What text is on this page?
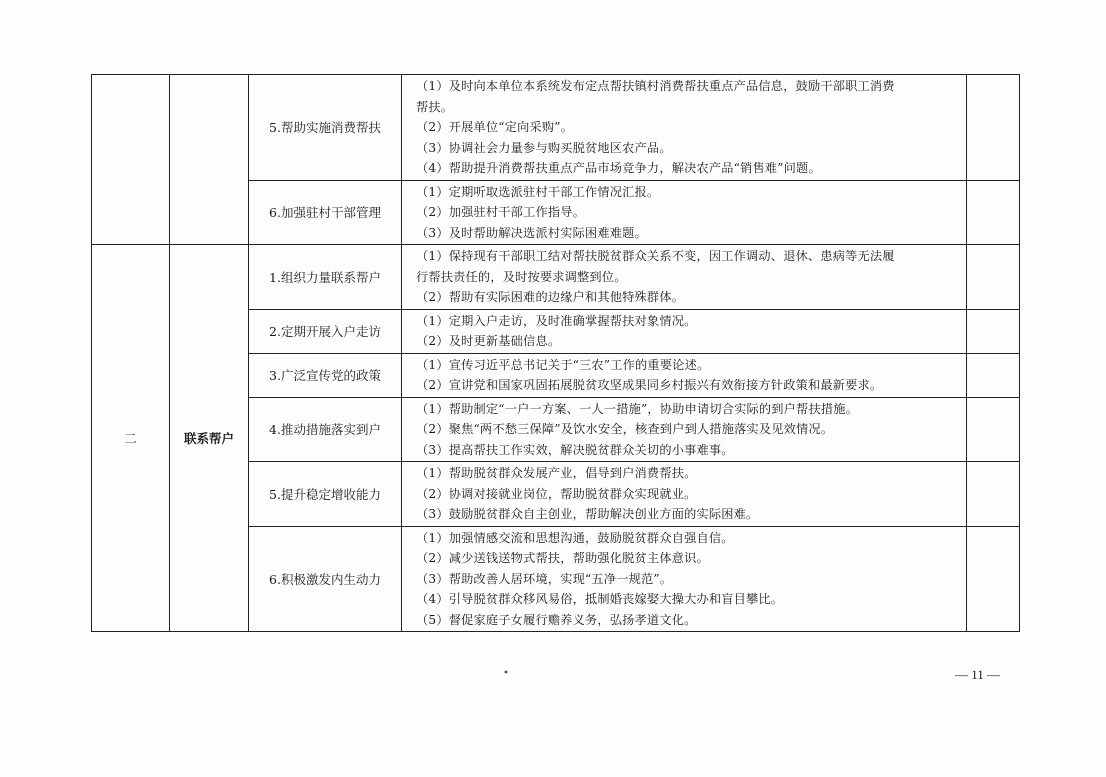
		5.帮助实施消费帮扶	（1）及时向本单位本系统发布定点帮扶镇村消费帮扶重点产品信息，鼓励干部职工消费
帮扶。
（2）开展单位“定向采购”。
（3）协调社会力量参与购买脱贫地区农产品。
（4）帮助提升消费帮扶重点产品市场竞争力，解决农产品“销售难”问题。	

		6.加强驻村干部管理	（1）定期听取选派驻村干部工作情况汇报。
（2）加强驻村干部工作指导。
（3）及时帮助解决选派村实际困难难题。	

二	联系帮户	1.组织力量联系帮户	（1）保持现有干部职工结对帮扶脱贫群众关系不变，因工作调动、退休、患病等无法履
行帮扶责任的，及时按要求调整到位。
（2）帮助有实际困难的边缘户和其他特殊群体。	

		2.定期开展入户走访	（1）定期入户走访，及时准确掌握帮扶对象情况。
（2）及时更新基础信息。	

		3.广泛宣传党的政策	（1）宣传习近平总书记关于“三农”工作的重要论述。
（2）宣讲党和国家巩固拓展脱贫攻坚成果同乡村振兴有效衔接方针政策和最新要求。	

		4.推动措施落实到户	（1）帮助制定“一户一方案、一人一措施”，协助申请切合实际的到户帮扶措施。
（2）聚焦“两不愁三保障”及饮水安全，核查到户到人措施落实及见效情况。
（3）提高帮扶工作实效，解决脱贫群众关切的小事难事。	

		5.提升稳定增收能力	（1）帮助脱贫群众发展产业，倡导到户消费帮扶。
（2）协调对接就业岗位，帮助脱贫群众实现就业。
（3）鼓励脱贫群众自主创业，帮助解决创业方面的实际困难。	

		6.积极激发内生动力	（1）加强情感交流和思想沟通，鼓励脱贫群众自强自信。
（2）减少送钱送物式帮扶，帮助强化脱贫主体意识。
（3）帮助改善人居环境，实现“五净一规范”。
（4）引导脱贫群众移风易俗，抵制婚丧嫁娶大操大办和盲目攀比。
（5）督促家庭子女履行赡养义务，弘扬孝道文化。	

•	— 11 —
